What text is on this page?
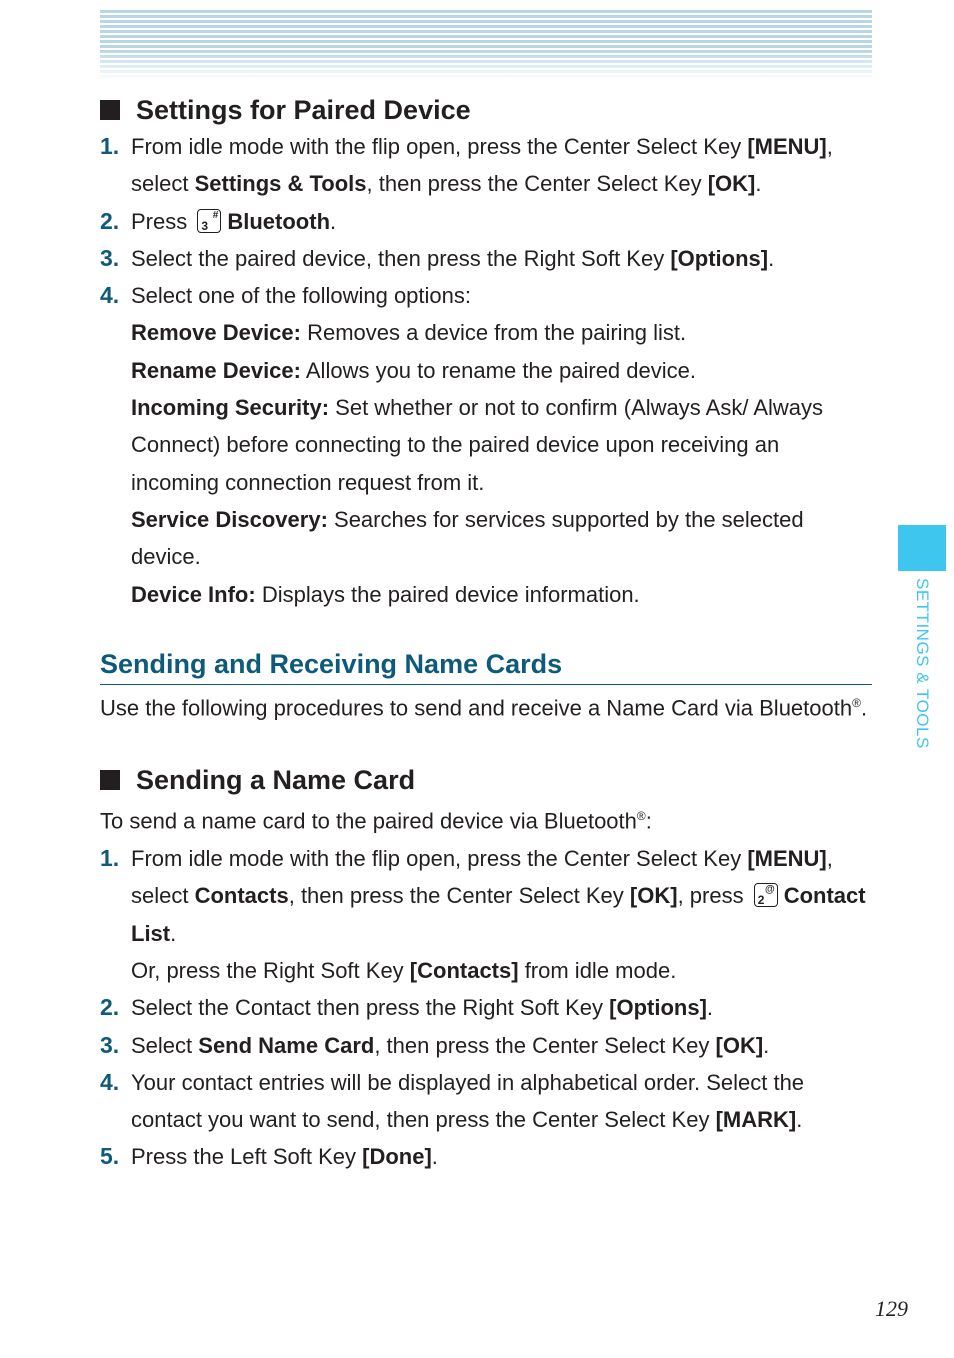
SETTINGS & TOOLS
Settings for Paired Device
1. From idle mode with the flip open, press the Center Select Key [MENU], select Settings & Tools, then press the Center Select Key [OK].
2. Press 3
# Bluetooth.
3. Select the paired device, then press the Right Soft Key [Options].
4. Select one of the following options:
Remove Device: Removes a device from the pairing list.
Rename Device: Allows you to rename the paired device.
Incoming Security: Set whether or not to confirm (Always Ask/ Always Connect) before connecting to the paired device upon receiving an incoming connection request from it.
Service Discovery: Searches for services supported by the selected device.
Device Info: Displays the paired device information.
Sending and Receiving Name Cards
Use the following procedures to send and receive a Name Card via Bluetooth®.
Sending a Name Card
To send a name card to the paired device via Bluetooth®:
1. From idle mode with the flip open, press the Center Select Key [MENU], select Contacts, then press the Center Select Key [OK], press 2
@ Contact List.
Or, press the Right Soft Key [Contacts] from idle mode.
2. Select the Contact then press the Right Soft Key [Options].
3. Select Send Name Card, then press the Center Select Key [OK].
4. Your contact entries will be displayed in alphabetical order. Select the contact you want to send, then press the Center Select Key [MARK].
5. Press the Left Soft Key [Done].
129
